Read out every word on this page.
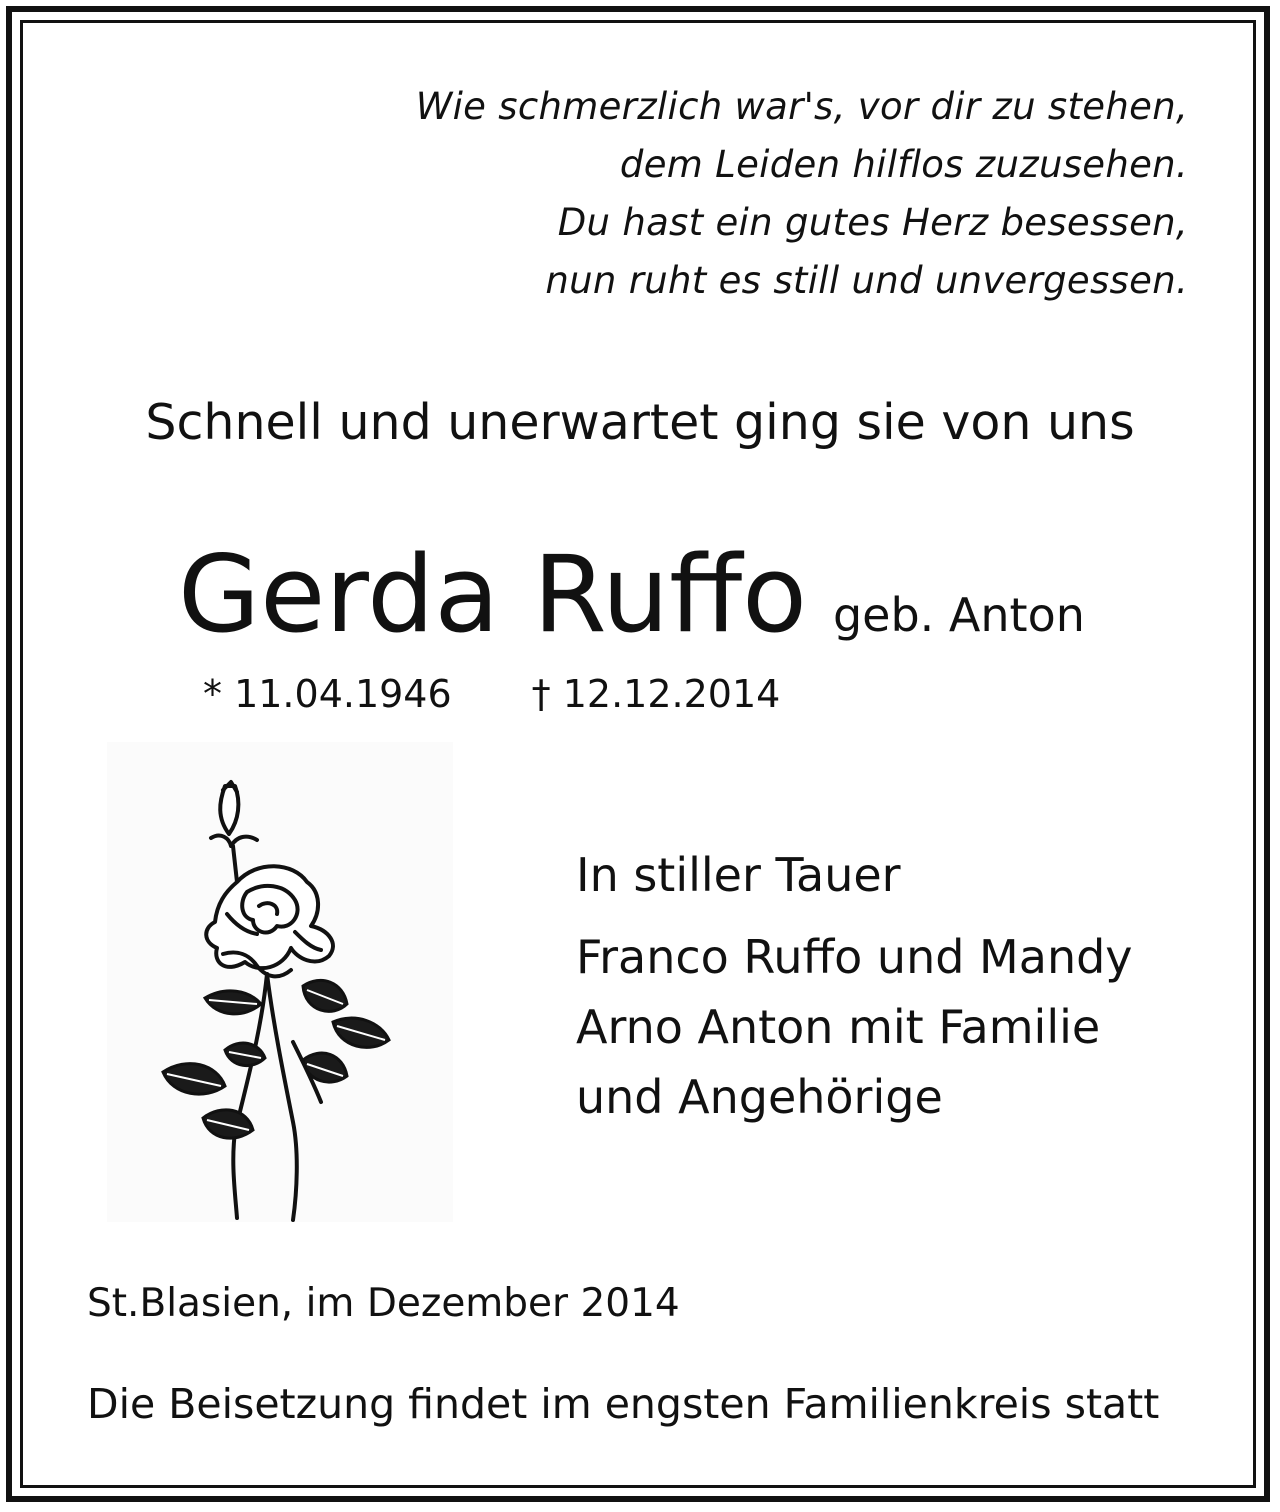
Wie schmerzlich war's, vor dir zu stehen,
dem Leiden hilflos zuzusehen.
Du hast ein gutes Herz besessen,
nun ruht es still und unvergessen.
Schnell und unerwartet ging sie von uns
Gerda Ruffo geb. Anton
* 11.04.1946 † 12.12.2014
In stiller Tauer
Franco Ruffo und Mandy
Arno Anton mit Familie
und Angehörige
St.Blasien, im Dezember 2014
Die Beisetzung findet im engsten Familienkreis statt
